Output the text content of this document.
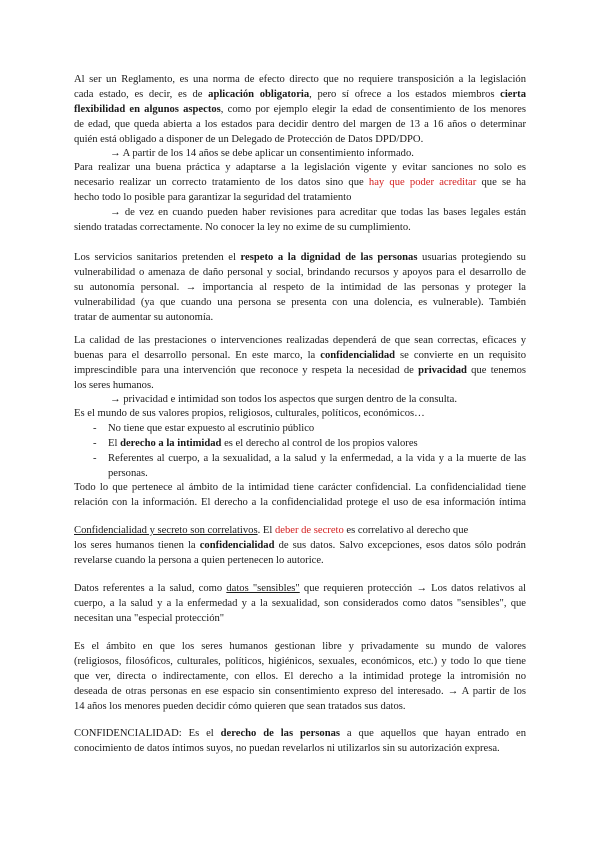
Al ser un Reglamento, es una norma de efecto directo que no requiere transposición a la legislación
cada estado, es decir, es de aplicación obligatoria, pero sí ofrece a los estados miembros cierta
flexibilidad en algunos aspectos, como por ejemplo elegir la edad de consentimiento de los menores
de edad, que queda abierta a los estados para decidir dentro del margen de 13 a 16 años o determinar
quién está obligado a disponer de un Delegado de Protección de Datos DPD/DPO.
→ A partir de los 14 años se debe aplicar un consentimiento informado.
Para realizar una buena práctica y adaptarse a la legislación vigente y evitar sanciones no solo es
necesario realizar un correcto tratamiento de los datos sino que hay que poder acreditar que se ha
hecho todo lo posible para garantizar la seguridad del tratamiento
→ de vez en cuando pueden haber revisiones para acreditar que todas las bases legales están
siendo tratadas correctamente. No conocer la ley no exime de su cumplimiento.
Los servicios sanitarios pretenden el respeto a la dignidad de las personas usuarias protegiendo su
vulnerabilidad o amenaza de daño personal y social, brindando recursos y apoyos para el desarrollo de
su autonomía personal. → importancia al respeto de la intimidad de las personas y proteger la
vulnerabilidad (ya que cuando una persona se presenta con una dolencia, es vulnerable). También
tratar de aumentar su autonomía.
La calidad de las prestaciones o intervenciones realizadas dependerá de que sean correctas, eficaces y
buenas para el desarrollo personal. En este marco, la confidencialidad se convierte en un requisito
imprescindible para una intervención que reconoce y respeta la necesidad de privacidad que tenemos
los seres humanos.
→ privacidad e intimidad son todos los aspectos que surgen dentro de la consulta.
Es el mundo de sus valores propios, religiosos, culturales, políticos, económicos…
- No tiene que estar expuesto al escrutinio público
- El derecho a la intimidad es el derecho al control de los propios valores
- Referentes al cuerpo, a la sexualidad, a la salud y la enfermedad, a la vida y a la muerte de las
personas.
Todo lo que pertenece al ámbito de la intimidad tiene carácter confidencial. La confidencialidad tiene
relación con la información. El derecho a la confidencialidad protege el uso de esa información íntima
Confidencialidad y secreto son correlativos. El deber de secreto es correlativo al derecho que
los seres humanos tienen la confidencialidad de sus datos. Salvo excepciones, esos datos sólo podrán
revelarse cuando la persona a quien pertenecen lo autorice.
Datos referentes a la salud, como datos "sensibles" que requieren protección → Los datos relativos al
cuerpo, a la salud y a la enfermedad y a la sexualidad, son considerados como datos "sensibles", que
necesitan una "especial protección"
Es el ámbito en que los seres humanos gestionan libre y privadamente su mundo de valores
(religiosos, filosóficos, culturales, políticos, higiénicos, sexuales, económicos, etc.) y todo lo que tiene
que ver, directa o indirectamente, con ellos. El derecho a la intimidad protege la intromisión no
deseada de otras personas en ese espacio sin consentimiento expreso del interesado. → A partir de los
14 años los menores pueden decidir cómo quieren que sean tratados sus datos.
CONFIDENCIALIDAD: Es el derecho de las personas a que aquellos que hayan entrado en
conocimiento de datos íntimos suyos, no puedan revelarlos ni utilizarlos sin su autorización expresa.
